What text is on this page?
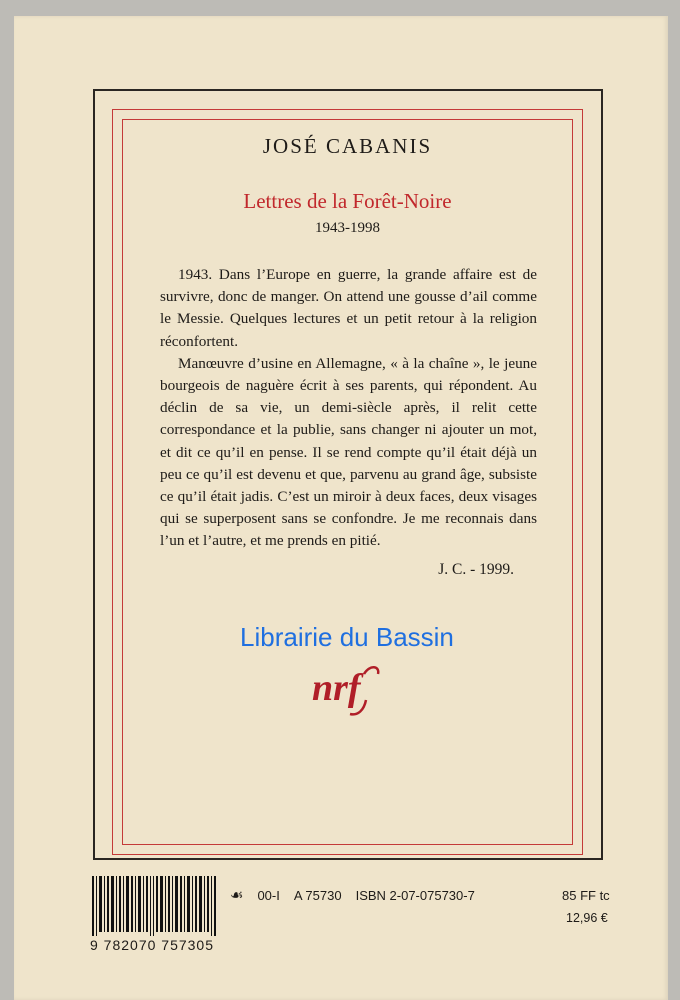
JOSÉ CABANIS
Lettres de la Forêt-Noire
1943-1998

1943. Dans l’Europe en guerre, la grande affaire est de survivre, donc de manger. On attend une gousse d’ail comme le Messie. Quelques lectures et un petit retour à la religion réconfortent.

Manœuvre d’usine en Allemagne, « à la chaîne », le jeune bourgeois de naguère écrit à ses parents, qui répondent. Au déclin de sa vie, un demi-siècle après, il relit cette correspondance et la publie, sans changer ni ajouter un mot, et dit ce qu’il en pense. Il se rend compte qu’il était déjà un peu ce qu’il est devenu et que, parvenu au grand âge, subsiste ce qu’il était jadis. C’est un miroir à deux faces, deux visages qui se superposent sans se confondre. Je me reconnais dans l’un et l’autre, et me prends en pitié.

J. C. - 1999.
Librairie du Bassin
nrf
9 782070 757305
☙ 00-I A 75730 ISBN 2-07-075730-7	85 FF tc
12,96 €
